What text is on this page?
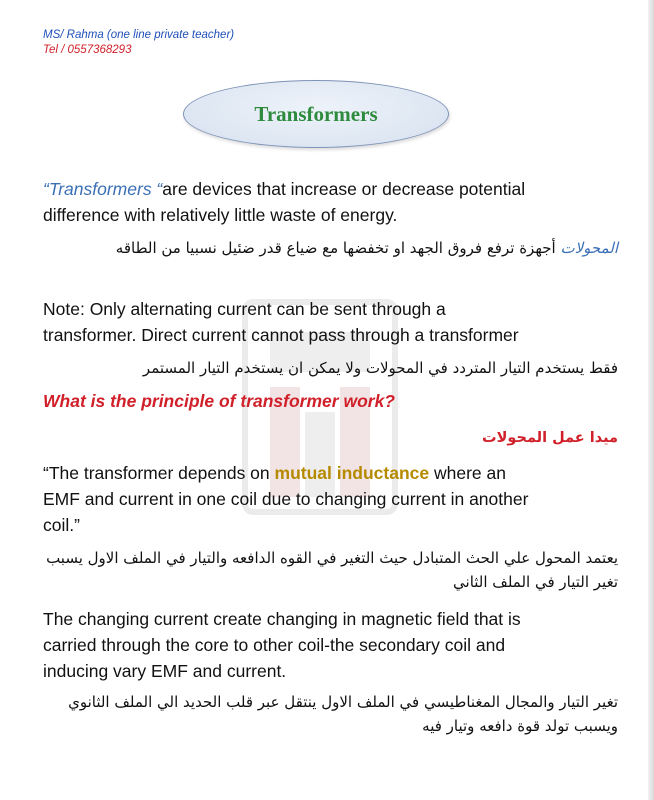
MS/ Rahma (one line private teacher)
Tel / 0557368293
Transformers
“Transformers “are devices that increase or decrease potential
difference with relatively little waste of energy.
المحولات أجهزة ترفع فروق الجهد او تخفضها مع ضياع قدر ضئيل نسبيا من الطاقه
Note: Only alternating current can be sent through a
transformer. Direct current cannot pass through a transformer
فقط يستخدم التيار المتردد في المحولات ولا يمكن ان يستخدم التيار المستمر
What is the principle of transformer work?
ميدا عمل المحولات
“The transformer depends on mutual inductance where an
EMF and current in one coil due to changing current in another
coil.”
يعتمد المحول علي الحث المتبادل حيث التغير في القوه الدافعه والتيار في الملف الاول يسبب تغير التيار في الملف الثاني
The changing current create changing in magnetic field that is
carried through the core to other coil-the secondary coil and
inducing vary EMF and current.
تغير التيار والمجال المغناطيسي في الملف الاول ينتقل عبر قلب الحديد الي الملف الثانوي ويسبب تولد قوة دافعه وتيار فيه
